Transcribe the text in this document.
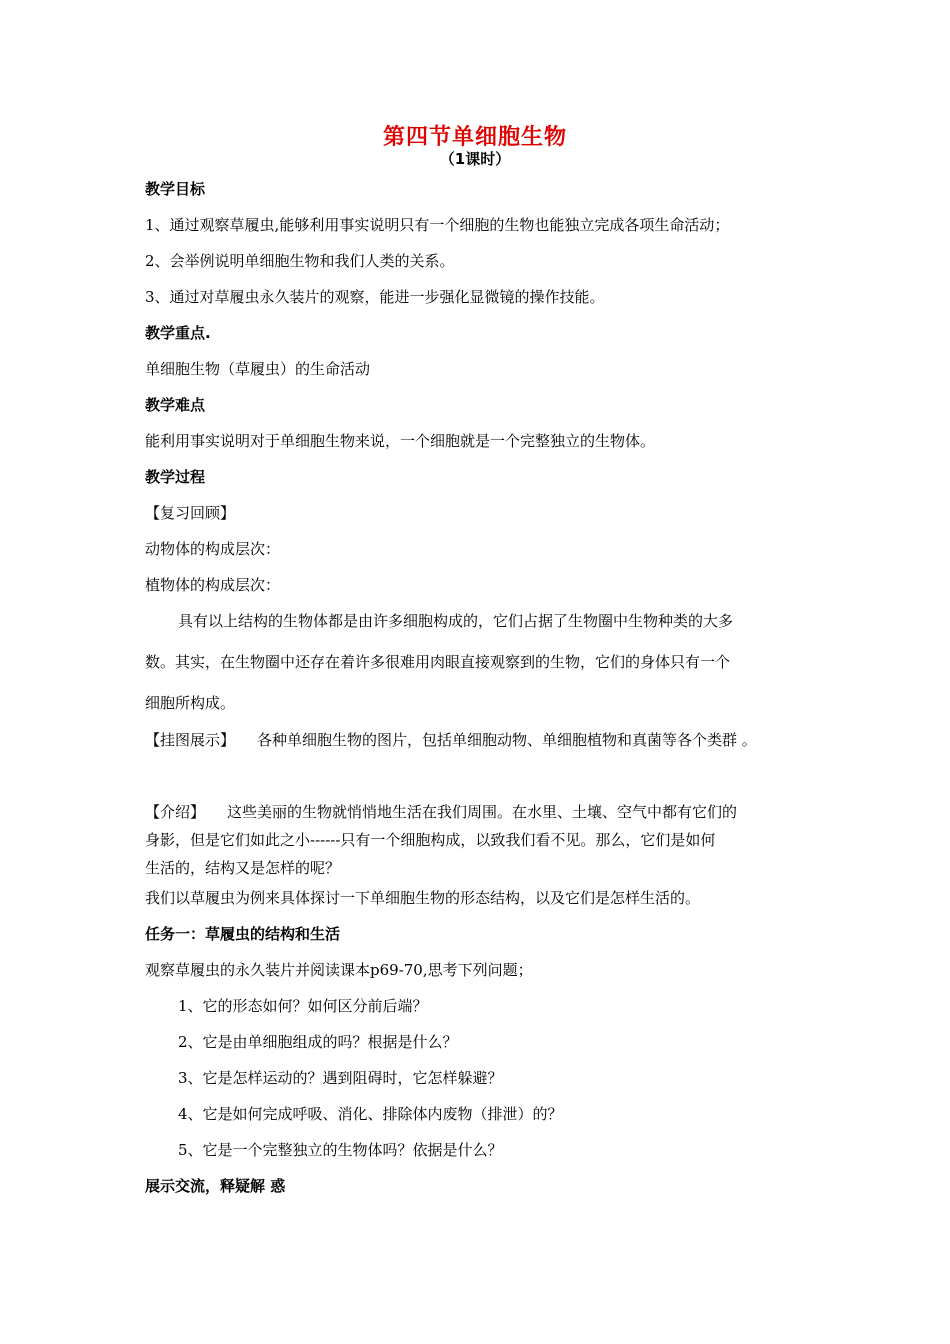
第四节单细胞生物
（1课时）
教学目标
1、通过观察草履虫,能够利用事实说明只有一个细胞的生物也能独立完成各项生命活动；
2、会举例说明单细胞生物和我们人类的关系。
3、通过对草履虫永久装片的观察，能进一步强化显微镜的操作技能。
教学重点.
单细胞生物（草履虫）的生命活动
教学难点
能利用事实说明对于单细胞生物来说，一个细胞就是一个完整独立的生物体。
教学过程
【复习回顾】
动物体的构成层次：
植物体的构成层次：
具有以上结构的生物体都是由许多细胞构成的，它们占据了生物圈中生物种类的大多
数。其实，在生物圈中还存在着许多很难用肉眼直接观察到的生物，它们的身体只有一个
细胞所构成。
【挂图展示】 各种单细胞生物的图片，包括单细胞动物、单细胞植物和真菌等各个类群 。
【介绍】 这些美丽的生物就悄悄地生活在我们周围。在水里、土壤、空气中都有它们的
身影，但是它们如此之小------只有一个细胞构成，以致我们看不见。那么，它们是如何
生活的，结构又是怎样的呢？
我们以草履虫为例来具体探讨一下单细胞生物的形态结构，以及它们是怎样生活的。
任务一：草履虫的结构和生活
观察草履虫的永久装片并阅读课本p69-70,思考下列问题；
1、它的形态如何？如何区分前后端？
2、它是由单细胞组成的吗？根据是什么？
3、它是怎样运动的？遇到阻碍时，它怎样躲避？
4、它是如何完成呼吸、消化、排除体内废物（排泄）的？
5、它是一个完整独立的生物体吗？依据是什么？
展示交流，释疑解 惑
